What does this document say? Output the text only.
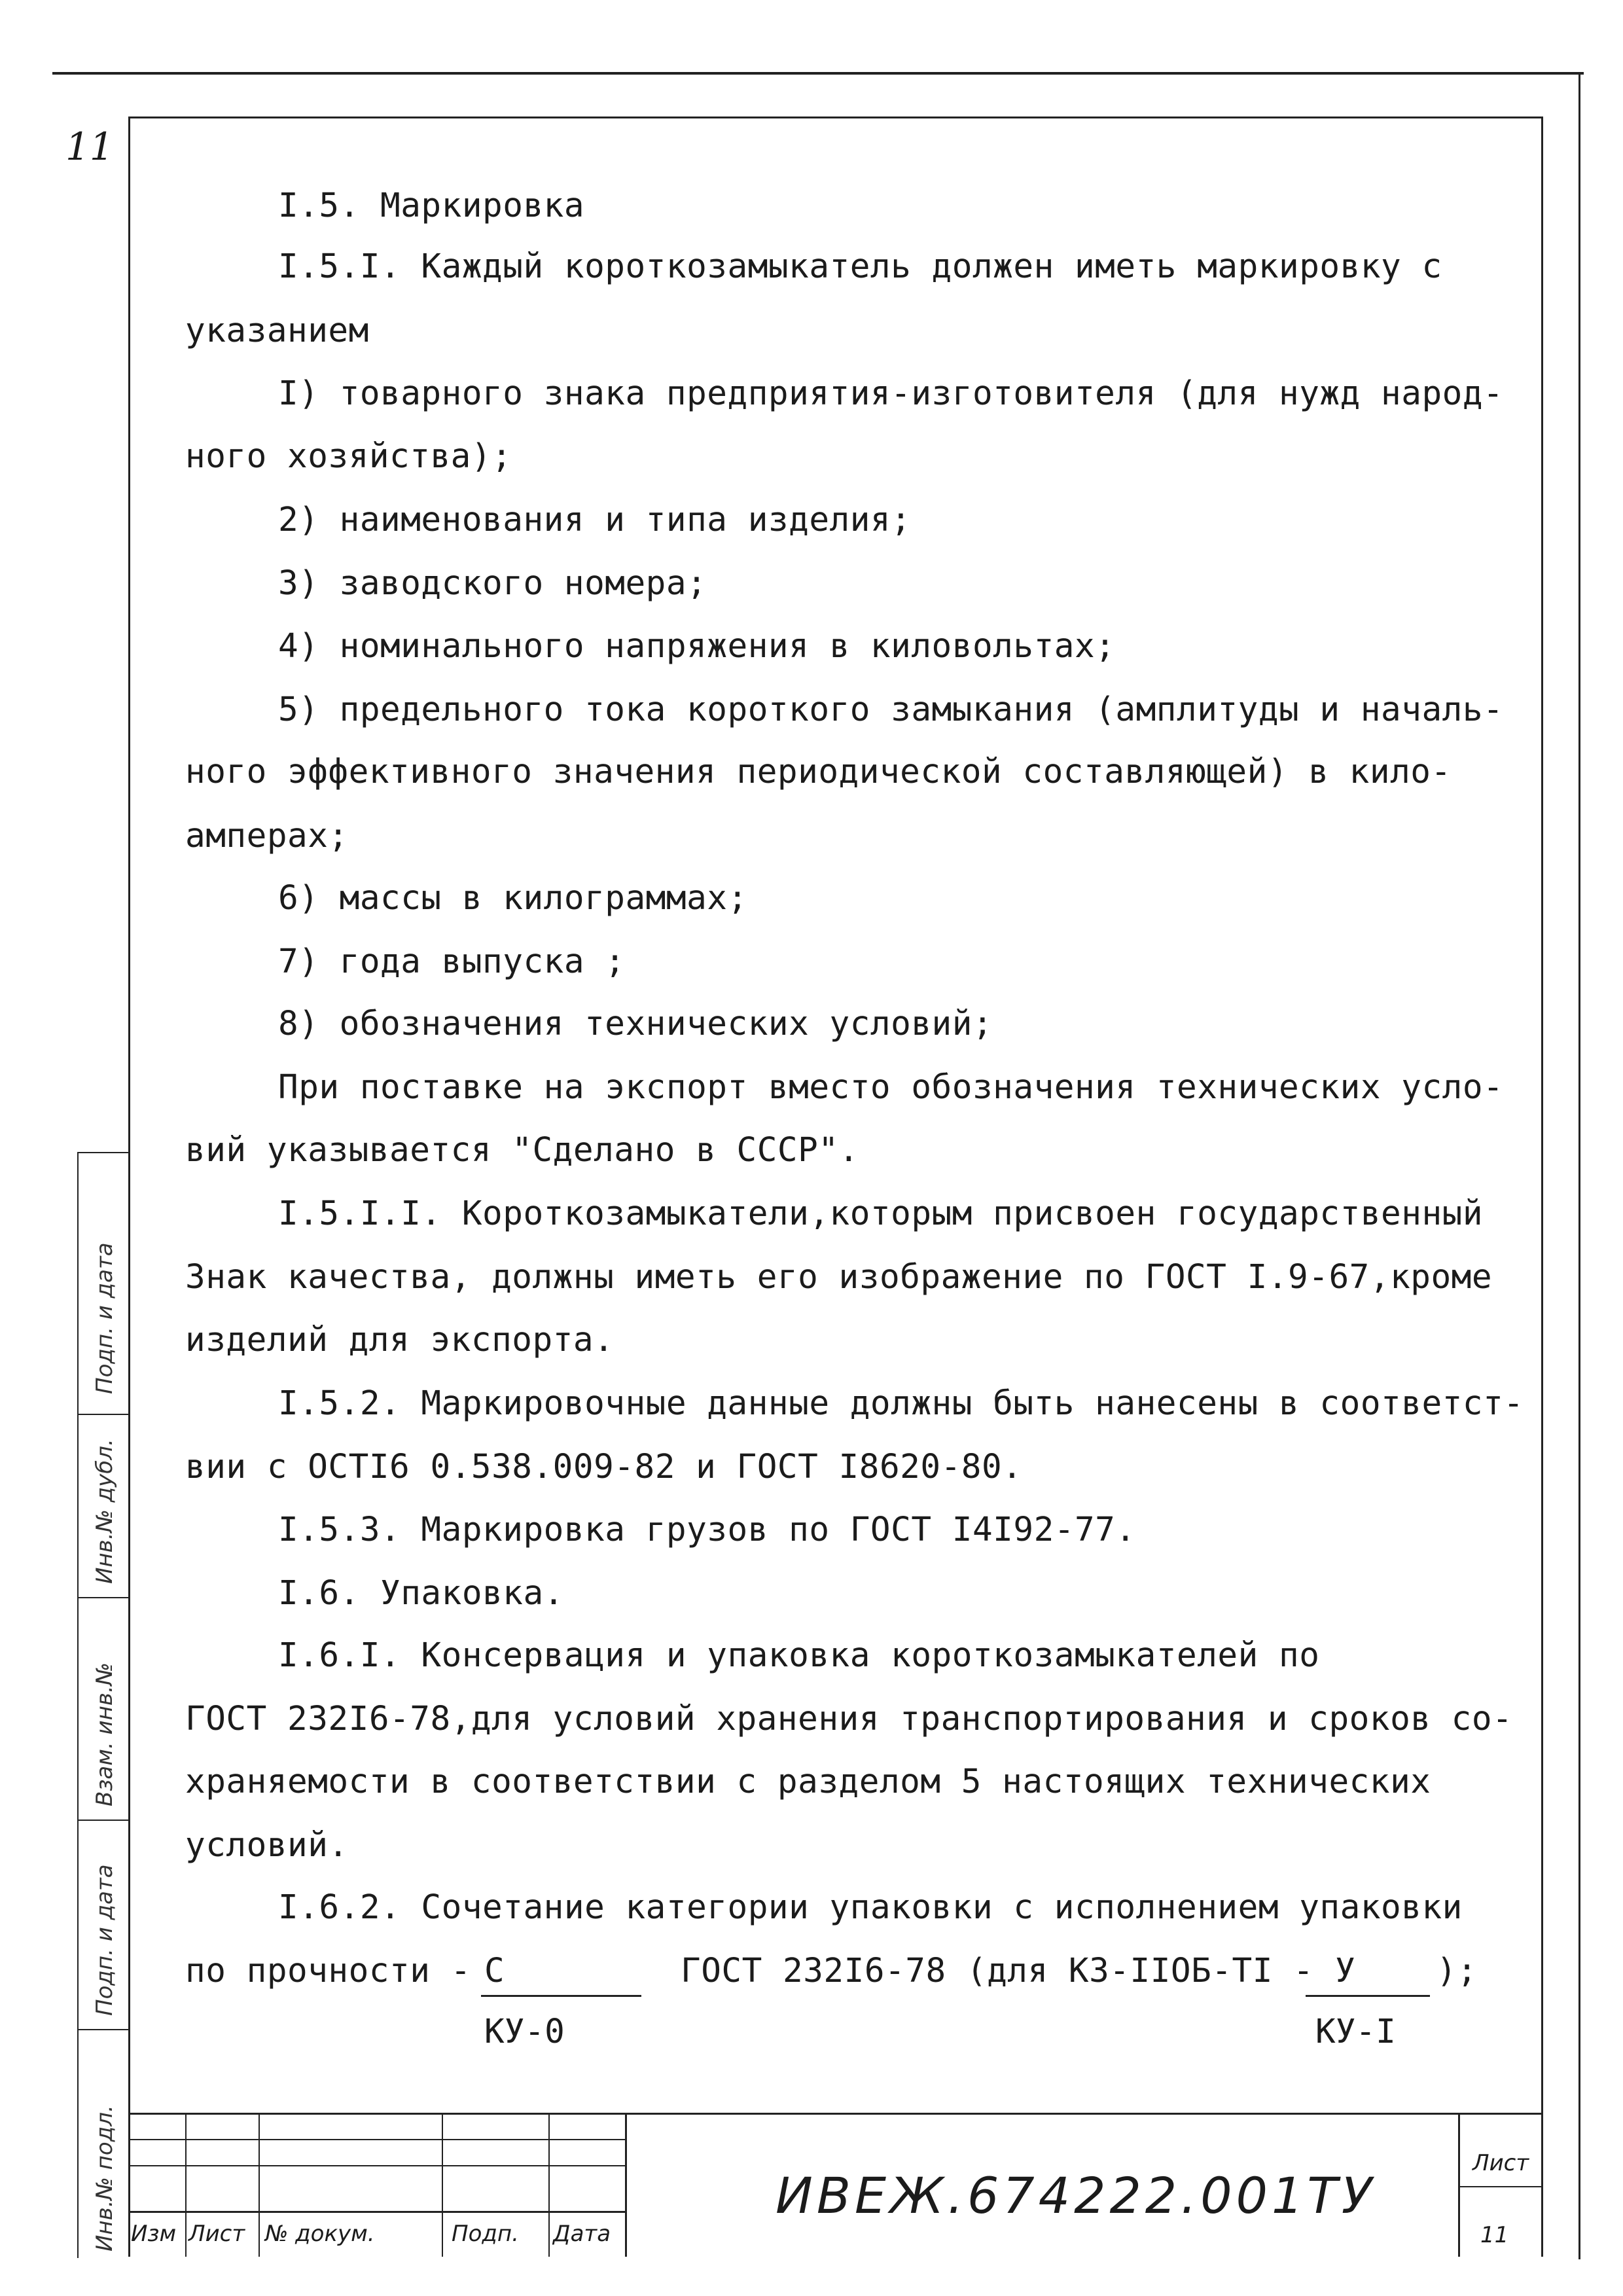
11
Подп. и дата
Инв.№ дубл.
Взам. инв.№
Подп. и дата
Инв.№ подл.
I.5. Маркировка
I.5.I. Каждый короткозамыкатель должен иметь маркировку с
указанием
I) товарного знака предприятия-изготовителя (для нужд народ-
ного хозяйства);
2) наименования и типа изделия;
3) заводского номера;
4) номинального напряжения в киловольтах;
5) предельного тока короткого замыкания (амплитуды и началь-
ного эффективного значения периодической составляющей) в кило-
амперах;
6) массы в килограммах;
7) года выпуска ;
8) обозначения технических условий;
При поставке на экспорт вместо обозначения технических усло-
вий указывается "Сделано в СССР".
I.5.I.I. Короткозамыкатели,которым присвоен государственный
Знак качества, должны иметь его изображение по ГОСТ I.9-67,кроме
изделий для экспорта.
I.5.2. Маркировочные данные должны быть нанесены в соответст-
вии с ОСТI6 0.538.009-82 и ГОСТ I8620-80.
I.5.3. Маркировка грузов по ГОСТ I4I92-77.
I.6. Упаковка.
I.6.I. Консервация и упаковка короткозамыкателей по
ГОСТ 232I6-78,для условий хранения транспортирования и сроков со-
храняемости в соответствии с разделом 5 настоящих технических
условий.
I.6.2. Сочетание категории упаковки с исполнением упаковки
по прочности - С
КУ-0
ГОСТ 232I6-78 (для КЗ-IIОБ-ТI - У
КУ-I
);
Изм Лист № докум.	Подп. Дата
ИВЕЖ.674222.001ТУ
Лист
11
